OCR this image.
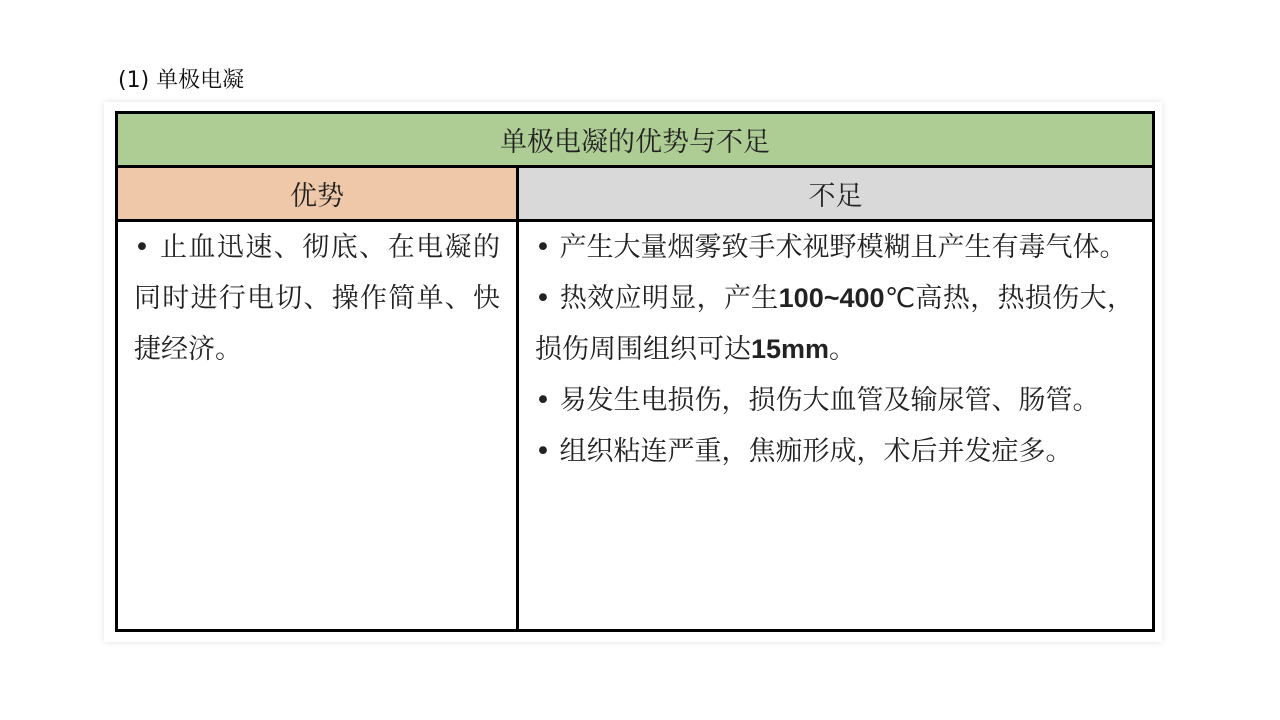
(1) 单极电凝
单极电凝的优势与不足	
优势	不足

• 止血迅速、彻底、在电凝的同时进行电切、操作简单、快捷经济。	• 产生大量烟雾致手术视野模糊且产生有毒气体。

• 热效应明显，产生100~400℃高热，热损伤大，损伤周围组织可达15mm。

• 易发生电损伤，损伤大血管及输尿管、肠管。

• 组织粘连严重，焦痂形成，术后并发症多。
